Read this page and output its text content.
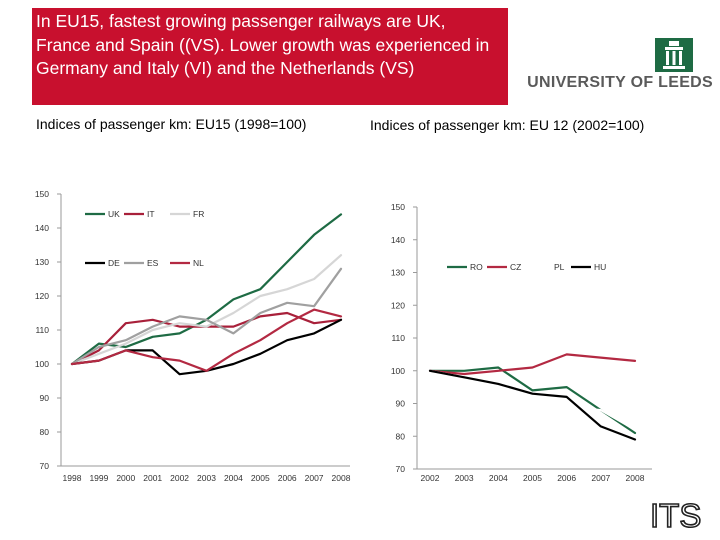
In EU15, fastest growing passenger railways are UK, France and Spain ((VS). Lower growth was experienced in Germany and Italy (VI) and the Netherlands (VS)
UNIVERSITY OF LEEDS
Indices of passenger km: EU15 (1998=100)	Indices of passenger km: EU 12 (2002=100)
70
80
90
100
110
120
130
140
150
1998 1999 2000 2001 2002 2003 2004 2005 2006 2007 2008
UK	IT	FR
DE	ES	NL
70
80
90
100
110
120
130
140
150
2002 2003 2004 2005 2006 2007 2008
RO	CZ	PL	HU
ITS
